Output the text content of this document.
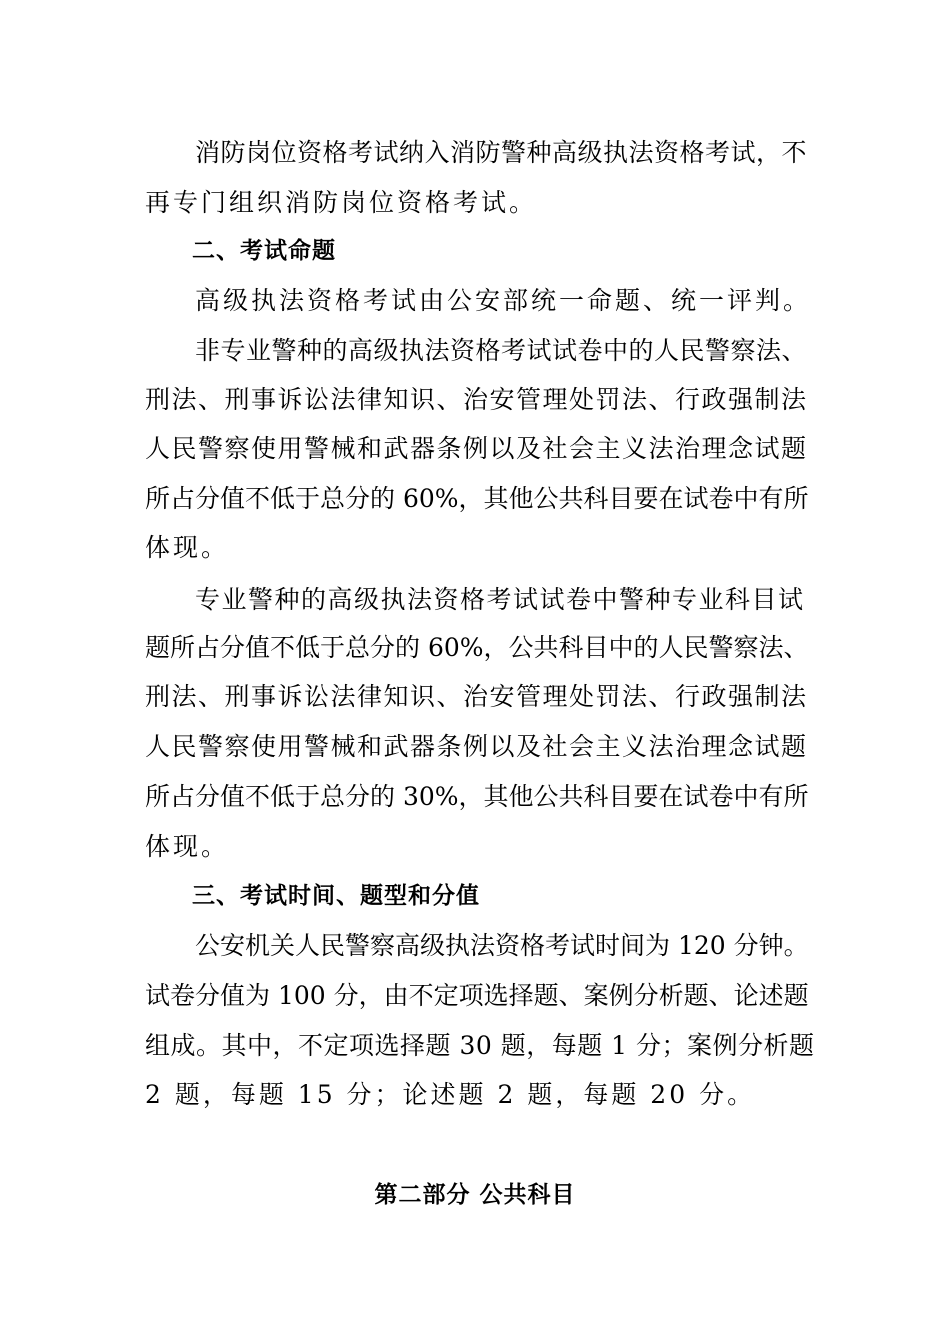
消防岗位资格考试纳入消防警种高级执法资格考试，不
再专门组织消防岗位资格考试。
二、考试命题
高级执法资格考试由公安部统一命题、统一评判。
非专业警种的高级执法资格考试试卷中的人民警察法、
刑法、刑事诉讼法律知识、治安管理处罚法、行政强制法
人民警察使用警械和武器条例以及社会主义法治理念试题
所占分值不低于总分的 60%，其他公共科目要在试卷中有所
体现。
专业警种的高级执法资格考试试卷中警种专业科目试
题所占分值不低于总分的 60%，公共科目中的人民警察法、
刑法、刑事诉讼法律知识、治安管理处罚法、行政强制法
人民警察使用警械和武器条例以及社会主义法治理念试题
所占分值不低于总分的 30%，其他公共科目要在试卷中有所
体现。
三、考试时间、题型和分值
公安机关人民警察高级执法资格考试时间为 120 分钟。
试卷分值为 100 分，由不定项选择题、案例分析题、论述题
组成。其中，不定项选择题 30 题，每题 1 分；案例分析题
2 题，每题 15 分；论述题 2 题，每题 20 分。
第二部分 公共科目
